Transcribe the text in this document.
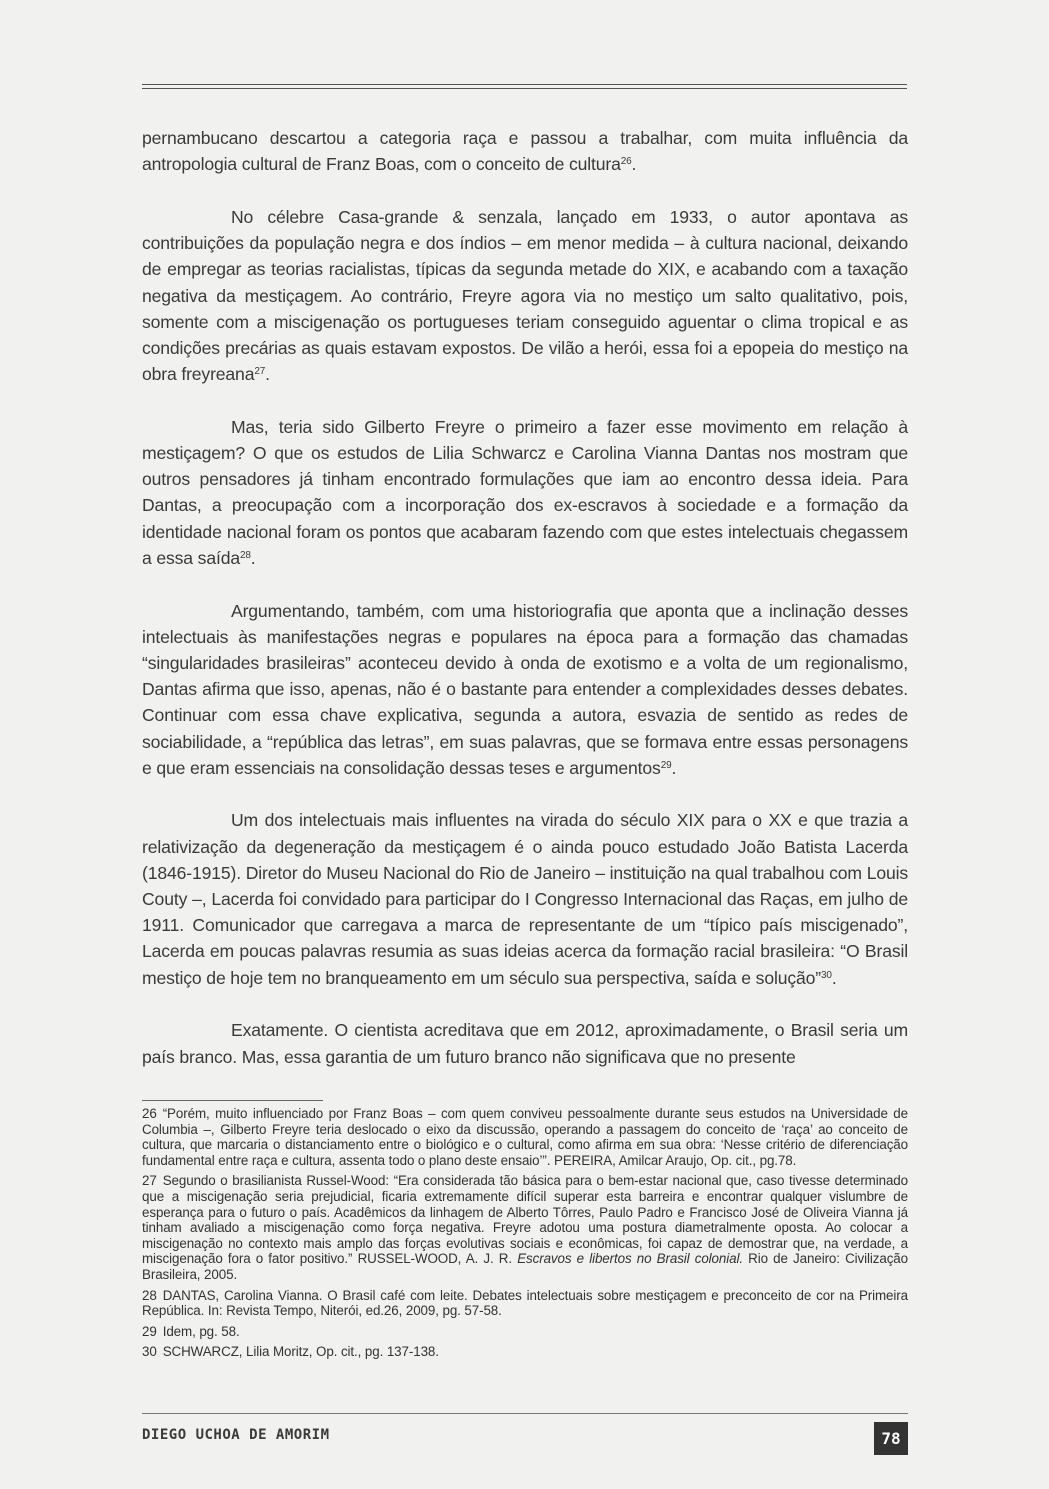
pernambucano descartou a categoria raça e passou a trabalhar, com muita influência da antropologia cultural de Franz Boas, com o conceito de cultura$^{26}$.

No célebre Casa-grande & senzala, lançado em 1933, o autor apontava as contribuições da população negra e dos índios – em menor medida – à cultura nacional, deixando de empregar as teorias racialistas, típicas da segunda metade do XIX, e acabando com a taxação negativa da mestiçagem. Ao contrário, Freyre agora via no mestiço um salto qualitativo, pois, somente com a miscigenação os portugueses teriam conseguido aguentar o clima tropical e as condições precárias as quais estavam expostos. De vilão a herói, essa foi a epopeia do mestiço na obra freyreana$^{27}$.

Mas, teria sido Gilberto Freyre o primeiro a fazer esse movimento em relação à mestiçagem? O que os estudos de Lilia Schwarcz e Carolina Vianna Dantas nos mostram que outros pensadores já tinham encontrado formulações que iam ao encontro dessa ideia. Para Dantas, a preocupação com a incorporação dos ex-escravos à sociedade e a formação da identidade nacional foram os pontos que acabaram fazendo com que estes intelectuais chegassem a essa saída$^{28}$.

Argumentando, também, com uma historiografia que aponta que a inclinação desses intelectuais às manifestações negras e populares na época para a formação das chamadas “singularidades brasileiras” aconteceu devido à onda de exotismo e a volta de um regionalismo, Dantas afirma que isso, apenas, não é o bastante para entender a complexidades desses debates. Continuar com essa chave explicativa, segunda a autora, esvazia de sentido as redes de sociabilidade, a “república das letras”, em suas palavras, que se formava entre essas personagens e que eram essenciais na consolidação dessas teses e argumentos$^{29}$.

Um dos intelectuais mais influentes na virada do século XIX para o XX e que trazia a relativização da degeneração da mestiçagem é o ainda pouco estudado João Batista Lacerda (1846-1915). Diretor do Museu Nacional do Rio de Janeiro – instituição na qual trabalhou com Louis Couty –, Lacerda foi convidado para participar do I Congresso Internacional das Raças, em julho de 1911. Comunicador que carregava a marca de representante de um “típico país miscigenado”, Lacerda em poucas palavras resumia as suas ideias acerca da formação racial brasileira: “O Brasil mestiço de hoje tem no branqueamento em um século sua perspectiva, saída e solução”$^{30}$.

Exatamente. O cientista acreditava que em 2012, aproximadamente, o Brasil seria um país branco. Mas, essa garantia de um futuro branco não significava que no presente

26 “Porém, muito influenciado por Franz Boas – com quem conviveu pessoalmente durante seus estudos na Universidade de Columbia –, Gilberto Freyre teria deslocado o eixo da discussão, operando a passagem do conceito de ‘raça’ ao conceito de cultura, que marcaria o distanciamento entre o biológico e o cultural, como afirma em sua obra: ‘Nesse critério de diferenciação fundamental entre raça e cultura, assenta todo o plano deste ensaio’”. PEREIRA, Amilcar Araujo, Op. cit., pg.78.
27 Segundo o brasilianista Russel-Wood: “Era considerada tão básica para o bem-estar nacional que, caso tivesse determinado que a miscigenação seria prejudicial, ficaria extremamente difícil superar esta barreira e encontrar qualquer vislumbre de esperança para o futuro o país. Acadêmicos da linhagem de Alberto Tôrres, Paulo Padro e Francisco José de Oliveira Vianna já tinham avaliado a miscigenação como força negativa. Freyre adotou uma postura diametralmente oposta. Ao colocar a miscigenação no contexto mais amplo das forças evolutivas sociais e econômicas, foi capaz de demostrar que, na verdade, a miscigenação fora o fator positivo.” RUSSEL-WOOD, A. J. R. Escravos e libertos no Brasil colonial. Rio de Janeiro: Civilização Brasileira, 2005.
28 DANTAS, Carolina Vianna. O Brasil café com leite. Debates intelectuais sobre mestiçagem e preconceito de cor na Primeira República. In: Revista Tempo, Niterói, ed.26, 2009, pg. 57-58.
29 Idem, pg. 58.
30 SCHWARCZ, Lilia Moritz, Op. cit., pg. 137-138.
DIEGO UCHOA DE AMORIM	78
